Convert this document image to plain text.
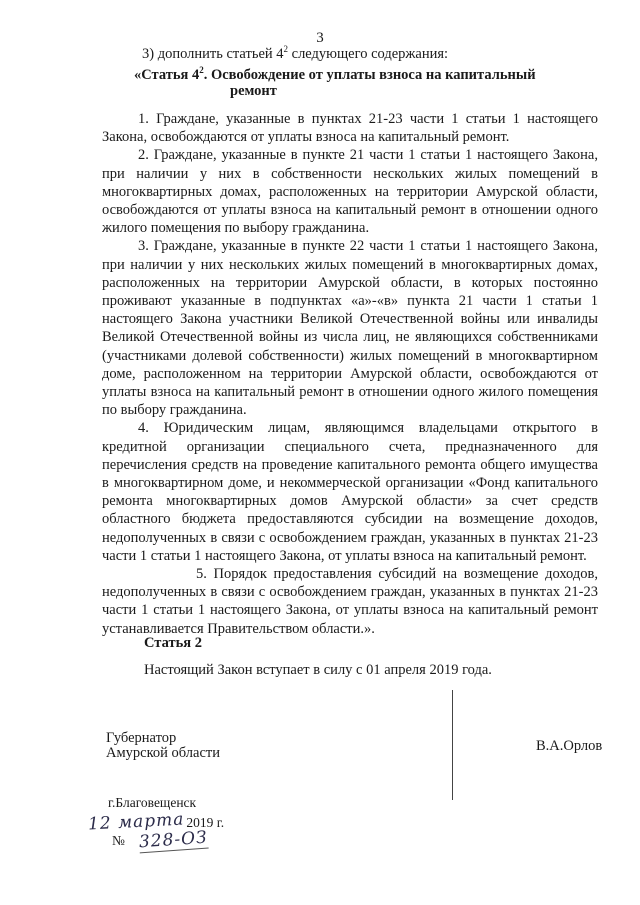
3
3) дополнить статьей $4^2$ следующего содержания:
«Статья $4^2$. Освобождение от уплаты взноса на капитальный
ремонт

1. Граждане, указанные в пунктах 21-23 части 1 статьи 1 настоящего Закона, освобождаются от уплаты взноса на капитальный ремонт.

2. Граждане, указанные в пункте 21 части 1 статьи 1 настоящего Закона, при наличии у них в собственности нескольких жилых помещений в многоквартирных домах, расположенных на территории Амурской области, освобождаются от уплаты взноса на капитальный ремонт в отношении одного жилого помещения по выбору гражданина.

3. Граждане, указанные в пункте 22 части 1 статьи 1 настоящего Закона, при наличии у них нескольких жилых помещений в многоквартирных домах, расположенных на территории Амурской области, в которых постоянно проживают указанные в подпунктах «а»-«в» пункта 21 части 1 статьи 1 настоящего Закона участники Великой Отечественной войны или инвалиды Великой Отечественной войны из числа лиц, не являющихся собственниками (участниками долевой собственности) жилых помещений в многоквартирном доме, расположенном на территории Амурской области, освобождаются от уплаты взноса на капитальный ремонт в отношении одного жилого помещения по выбору гражданина.

4. Юридическим лицам, являющимся владельцами открытого в кредитной организации специального счета, предназначенного для перечисления средств на проведение капитального ремонта общего имущества в многоквартирном доме, и некоммерческой организации «Фонд капитального ремонта многоквартирных домов Амурской области» за счет средств областного бюджета предоставляются субсидии на возмещение доходов, недополученных в связи с освобождением граждан, указанных в пунктах 21-23 части 1 статьи 1 настоящего Закона, от уплаты взноса на капитальный ремонт.

5. Порядок предоставления субсидий на возмещение доходов, недополученных в связи с освобождением граждан, указанных в пунктах 21-23 части 1 статьи 1 настоящего Закона, от уплаты взноса на капитальный ремонт устанавливается Правительством области.».

Статья 2
Настоящий Закон вступает в силу с 01 апреля 2019 года.
Губернатор
Амурской области	В.А.Орлов
г.Благовещенск
12 марта 2019 г.
№ 328-ОЗ
